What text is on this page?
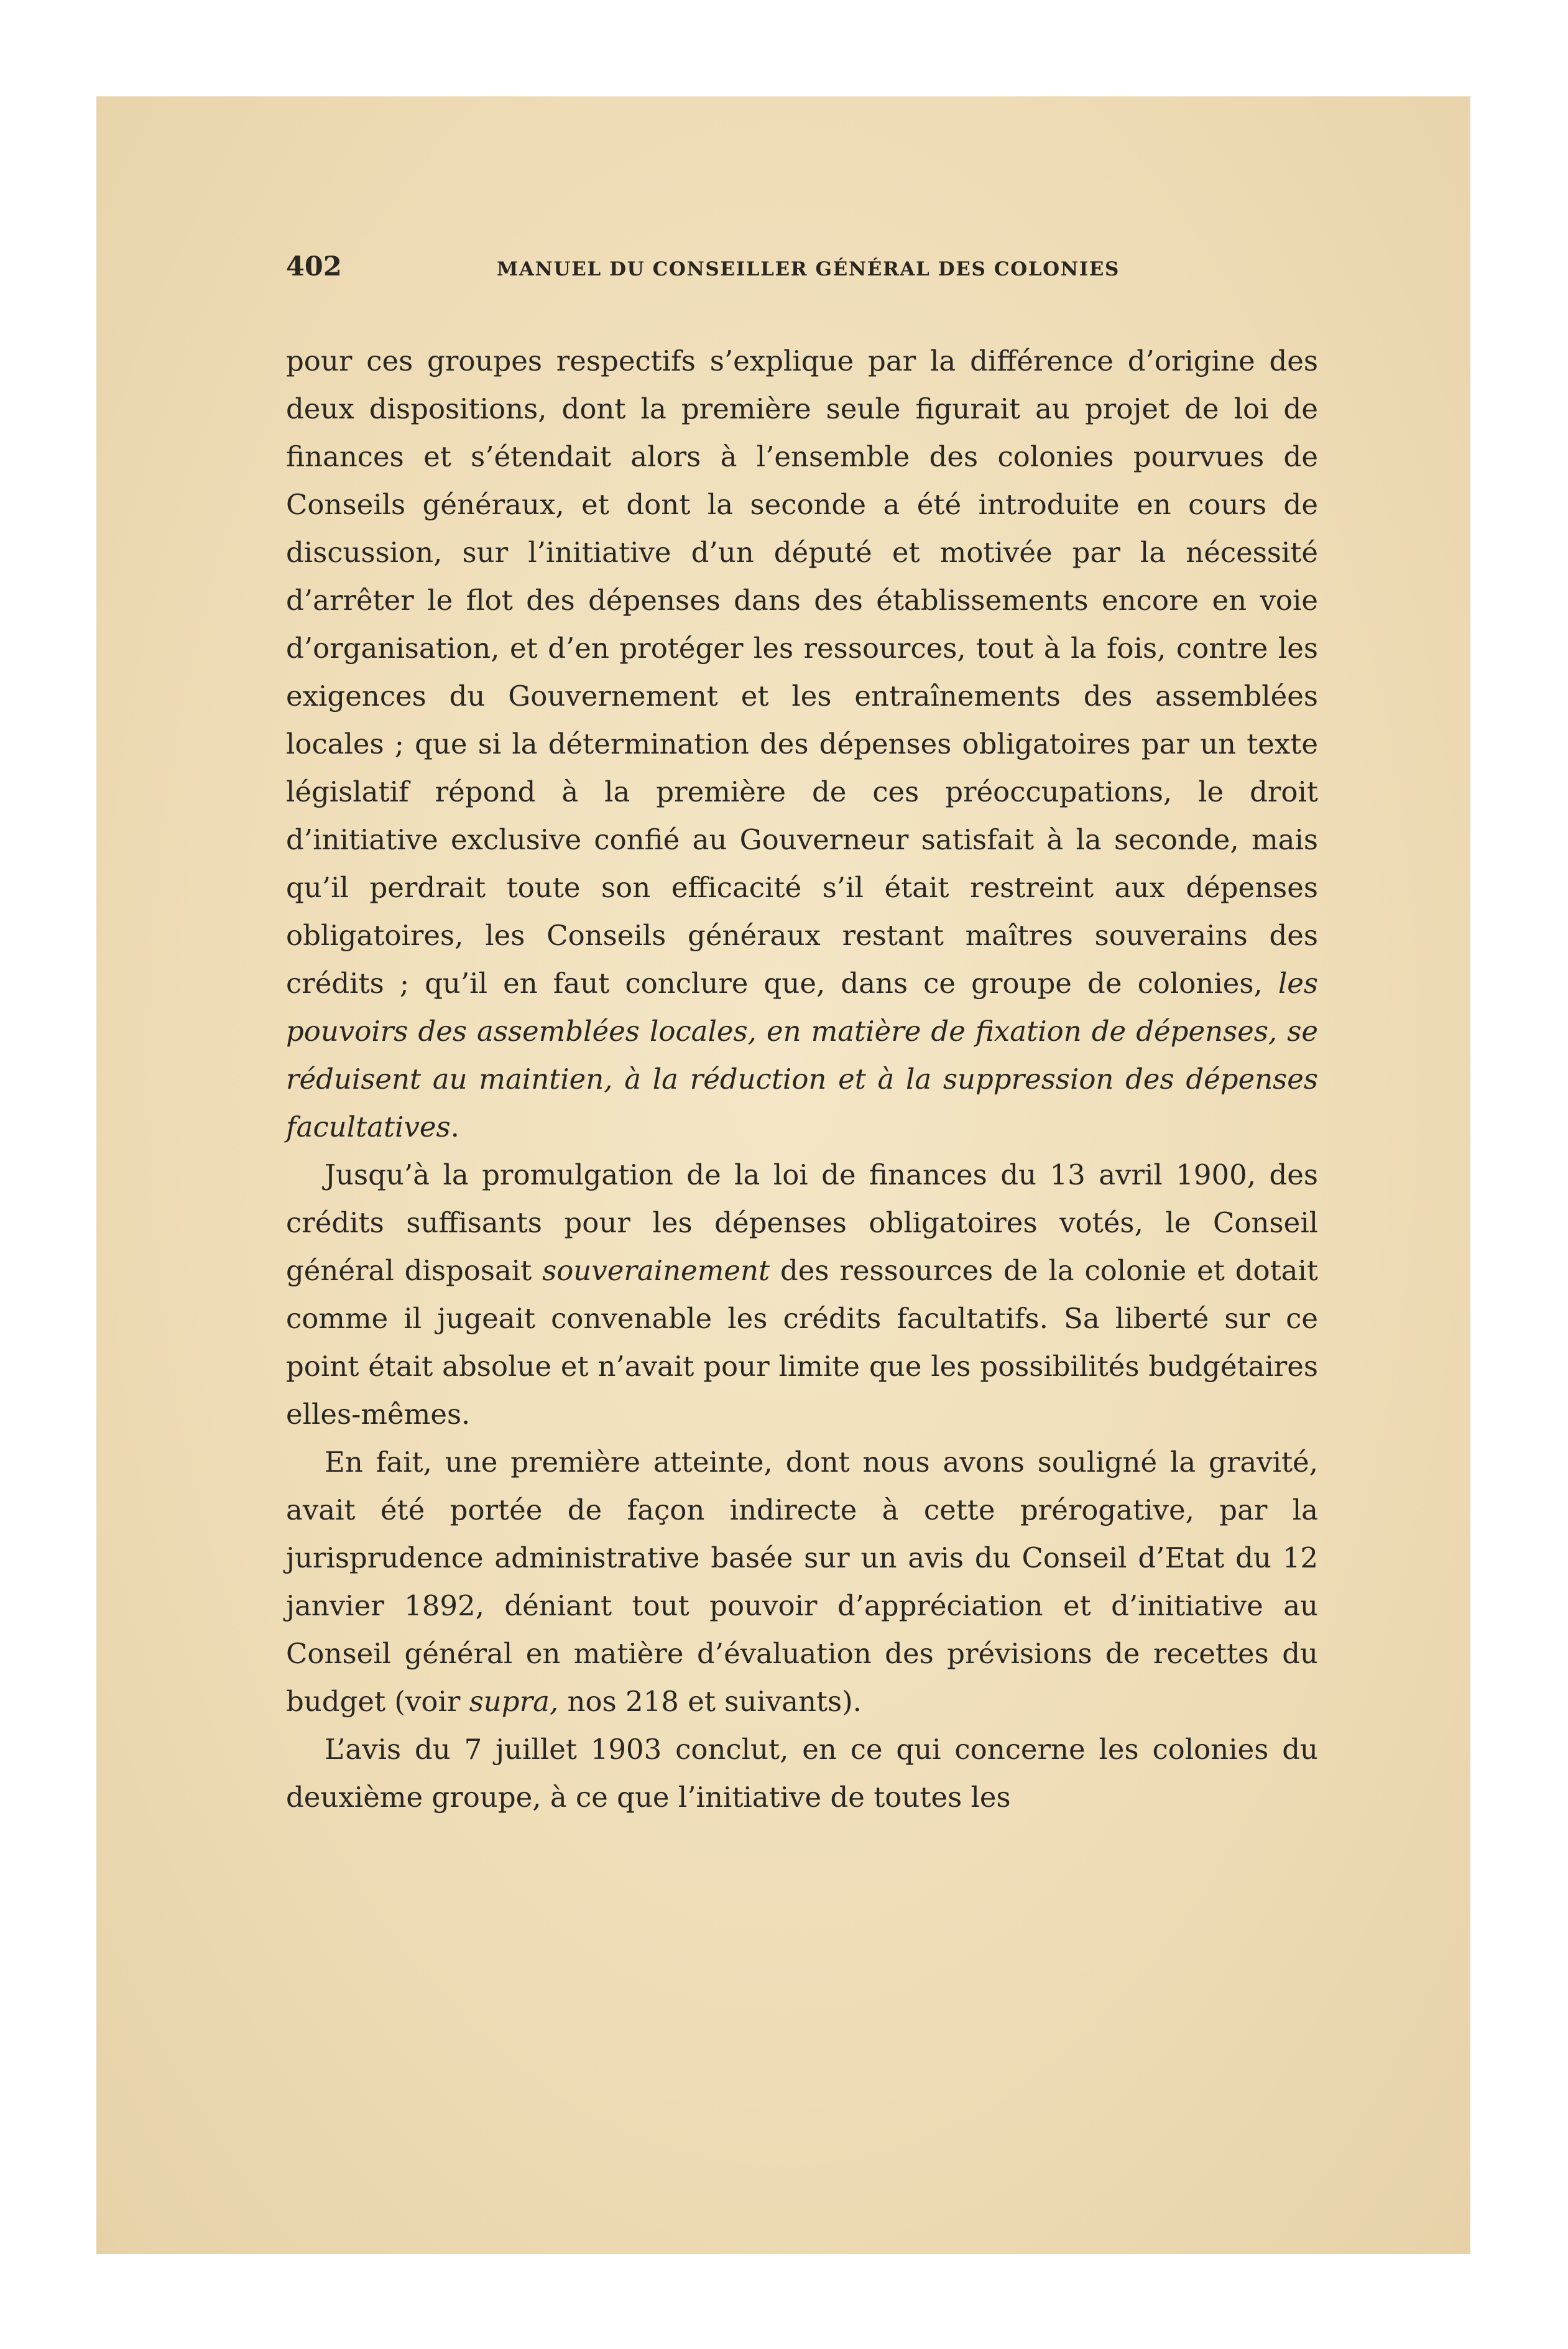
402	MANUEL DU CONSEILLER GÉNÉRAL DES COLONIES

pour ces groupes respectifs s’explique par la différence d’origine des deux dispositions, dont la première seule figurait au projet de loi de finances et s’étendait alors à l’ensemble des colonies pourvues de Conseils généraux, et dont la seconde a été introduite en cours de discussion, sur l’initiative d’un député et motivée par la nécessité d’arrêter le flot des dépenses dans des établissements encore en voie d’organisation, et d’en protéger les ressources, tout à la fois, contre les exigences du Gouvernement et les entraînements des assemblées locales ; que si la détermination des dépenses obligatoires par un texte législatif répond à la première de ces préoccupations, le droit d’initiative exclusive confié au Gouverneur satisfait à la seconde, mais qu’il perdrait toute son efficacité s’il était restreint aux dépenses obligatoires, les Conseils généraux restant maîtres souverains des crédits ; qu’il en faut conclure que, dans ce groupe de colonies, les pouvoirs des assemblées locales, en matière de fixation de dépenses, se réduisent au maintien, à la réduction et à la suppression des dépenses facultatives.

Jusqu’à la promulgation de la loi de finances du 13 avril 1900, des crédits suffisants pour les dépenses obligatoires votés, le Conseil général disposait souverainement des ressources de la colonie et dotait comme il jugeait convenable les crédits facultatifs. Sa liberté sur ce point était absolue et n’avait pour limite que les possibilités budgétaires elles-mêmes.

En fait, une première atteinte, dont nous avons souligné la gravité, avait été portée de façon indirecte à cette prérogative, par la jurisprudence administrative basée sur un avis du Conseil d’Etat du 12 janvier 1892, déniant tout pouvoir d’appréciation et d’initiative au Conseil général en matière d’évaluation des prévisions de recettes du budget (voir supra, nos 218 et suivants).

L’avis du 7 juillet 1903 conclut, en ce qui concerne les colonies du deuxième groupe, à ce que l’initiative de toutes les
